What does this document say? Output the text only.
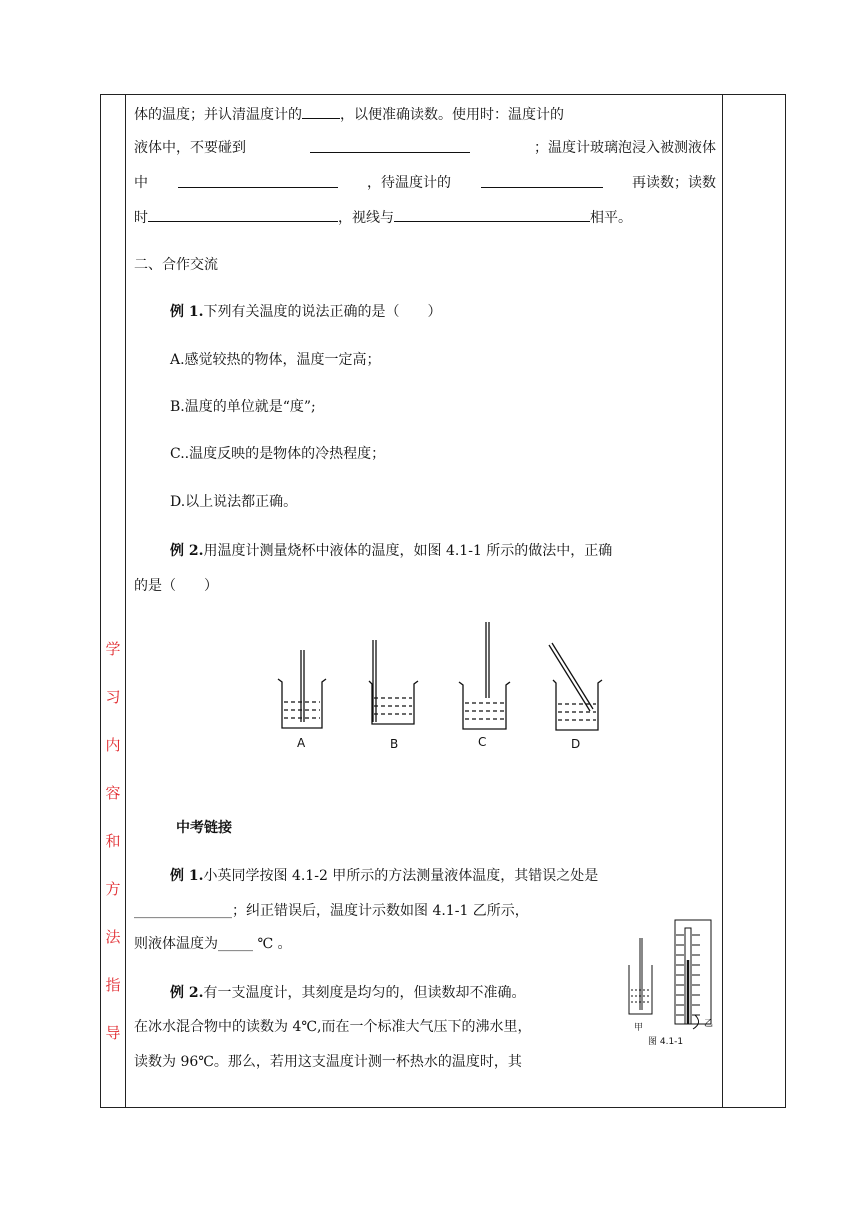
学
习
内
容
和
方
法
指
导
体的温度；并认清温度计的	，以便准确读数。使用时：温度计的
液体中，不要碰到	；温度计玻璃泡浸入被测液体
中	，待温度计的	再读数；读数
时	，视线与	相平。
二、合作交流
例 1.下列有关温度的说法正确的是（　　）
A.感觉较热的物体，温度一定高；
B.温度的单位就是“度”;
C..温度反映的是物体的冷热程度；
D.以上说法都正确。
例 2.用温度计测量烧杯中液体的温度，如图 4.1-1 所示的做法中，正确
的是（　　）
A	B	C	D
甲	乙
图 4.1-1
中考链接
例 1.小英同学按图 4.1-2 甲所示的方法测量液体温度，其错误之处是
______________；纠正错误后，温度计示数如图 4.1-1 乙所示，
则液体温度为_____ ℃ 。
例 2.有一支温度计，其刻度是均匀的，但读数却不准确。
在冰水混合物中的读数为 4℃,而在一个标准大气压下的沸水里，
读数为 96℃。那么，若用这支温度计测一杯热水的温度时，其
